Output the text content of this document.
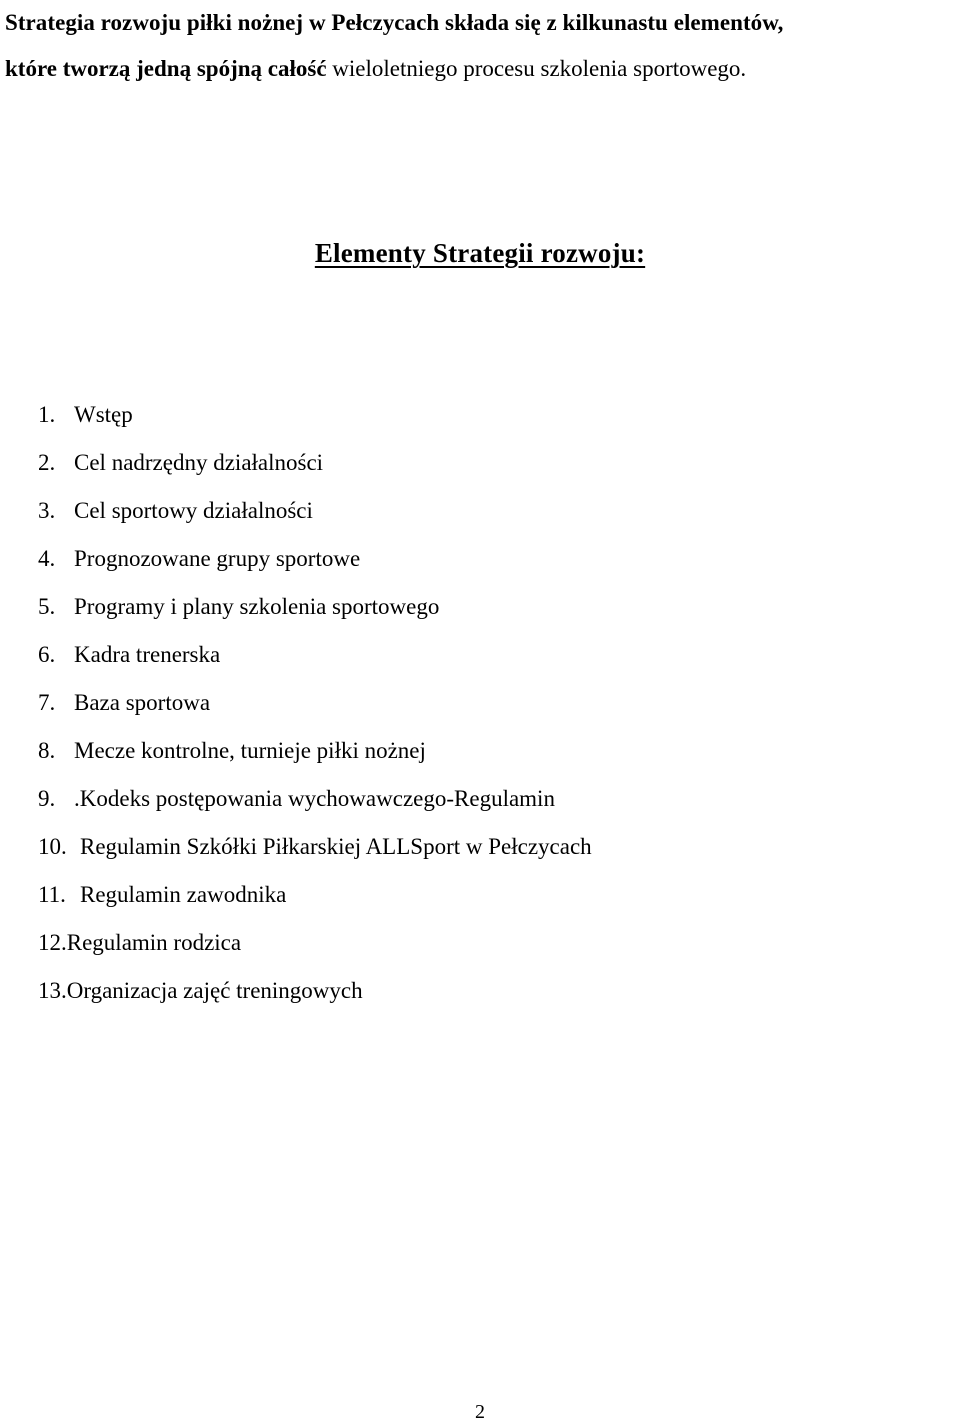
Strategia rozwoju piłki nożnej w Pełczycach składa się z kilkunastu elementów,
które tworzą jedną spójną całość wieloletniego procesu szkolenia sportowego.
Elementy Strategii rozwoju:
1. Wstęp
2. Cel nadrzędny działalności
3. Cel sportowy działalności
4. Prognozowane grupy sportowe
5. Programy i plany szkolenia sportowego
6. Kadra trenerska
7. Baza sportowa
8. Mecze kontrolne, turnieje piłki nożnej
9. .Kodeks postępowania wychowawczego-Regulamin
10. Regulamin Szkółki Piłkarskiej ALLSport w Pełczycach
11. Regulamin zawodnika
12.Regulamin rodzica
13.Organizacja zajęć treningowych
2
